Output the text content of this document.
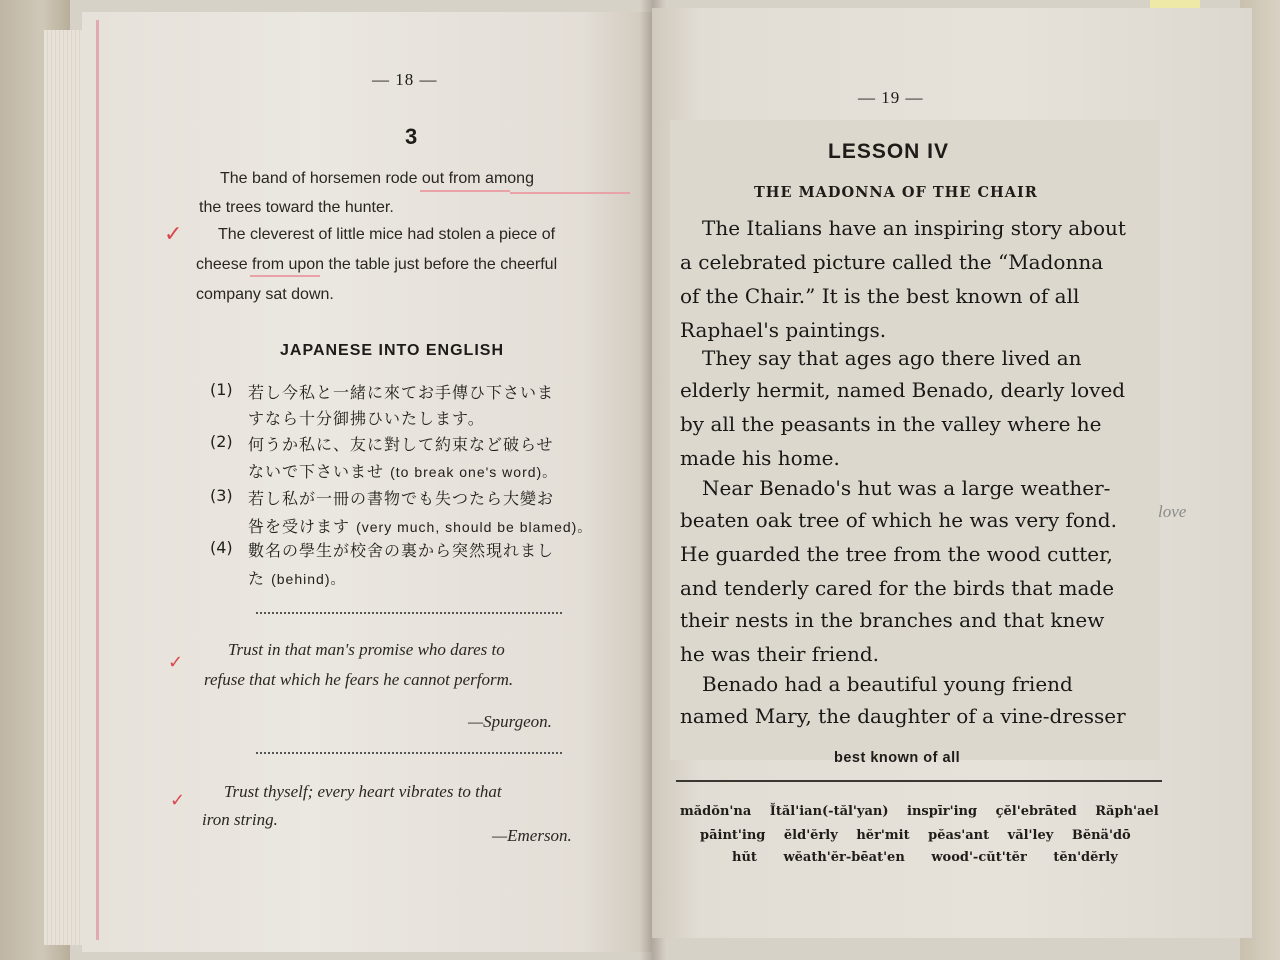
— 18 —
3
The band of horsemen rode out from among
the trees toward the hunter.
The cleverest of little mice had stolen a piece of
cheese from upon the table just before the cheerful
company sat down.
✓
JAPANESE INTO ENGLISH
(1) 若し今私と一緒に來てお手傳ひ下さいま
すなら十分御拂ひいたします。
(2) 何うか私に、友に對して約束など破らせ
ないで下さいませ (to break one's word)。
(3) 若し私が一冊の書物でも失つたら大變お
咎を受けます (very much, should be blamed)。
(4) 數名の學生が校舍の裏から突然現れまし
た (behind)。
✓
Trust in that man's promise who dares to
refuse that which he fears he cannot perform.
—Spurgeon.
✓ Trust thyself; every heart vibrates to that
iron string.
—Emerson.
— 19 —
LESSON IV
THE MADONNA OF THE CHAIR
The Italians have an inspiring story about
a celebrated picture called the “Madonna
of the Chair.” It is the best known of all
Raphael's paintings.
They say that ages ago there lived an
elderly hermit, named Benado, dearly loved
by all the peasants in the valley where he
made his home.
Near Benado's hut was a large weather-
beaten oak tree of which he was very fond.
He guarded the tree from the wood cutter,
and tenderly cared for the birds that made
their nests in the branches and that knew
he was their friend.
Benado had a beautiful young friend
named Mary, the daughter of a vine-dresser
love
best known of all
mădŏn'na Ĭtăl'ian(-tăl'yan) inspīr'ing çĕl'ebrāted Răph'ael
pāint'ing ĕld'ĕrly hĕr'mit pĕas'ant văl'ley Bĕnä'dō
hŭt wĕath'ĕr-bēat'en wood'-cŭt'tĕr tĕn'dĕrly
